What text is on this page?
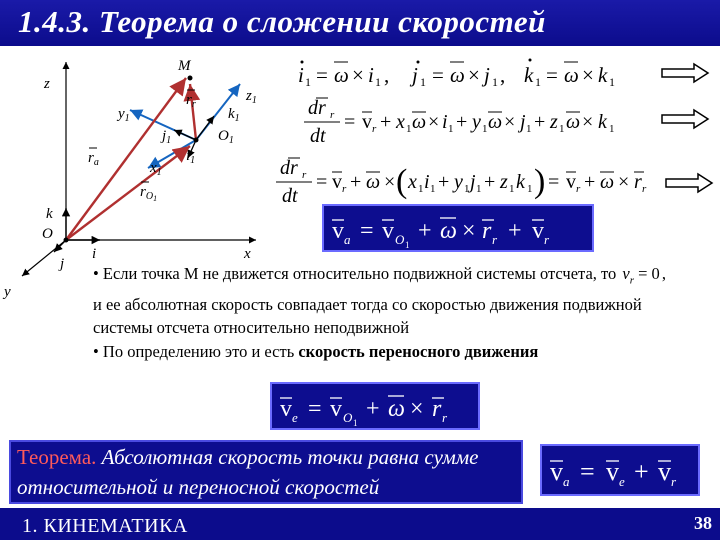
1.4.3. Теорема о сложении скоростей
z
M
$z_1$
$y_1$
$r_r$
$k_1$
$O_1$
$r_a$
$j_1$
$i_1$
$x_1$
$r_O1$
k
O
i
j
x
y
i 1 = ω × i 1 , j 1 = ω × j 1 , k 1 = ω × k 1
dr r
dt
= v r + x 1 ω × i 1 + y 1 ω × j 1 + z 1 ω × k 1
dr r
dt
= v r + ω × ( x 1 i 1 + y 1 j 1 + z 1 k 1 ) = v r + ω × r r
v a = v O 1
+ ω × r r + v r
• Если точка M не движется относительно подвижной системы отсчета, то $v_r = 0$ , и ее абсолютная скорость совпадает тогда со скоростью движения подвижной системы отсчета относительно неподвижной
• По определению это и есть скорость переносного движения
v e = v O 1
+ ω × r r
Теорема. Абсолютная скорость точки равна сумме относительной и переносной скоростей
v a = v e + v r
1. КИНЕМАТИКА	38
